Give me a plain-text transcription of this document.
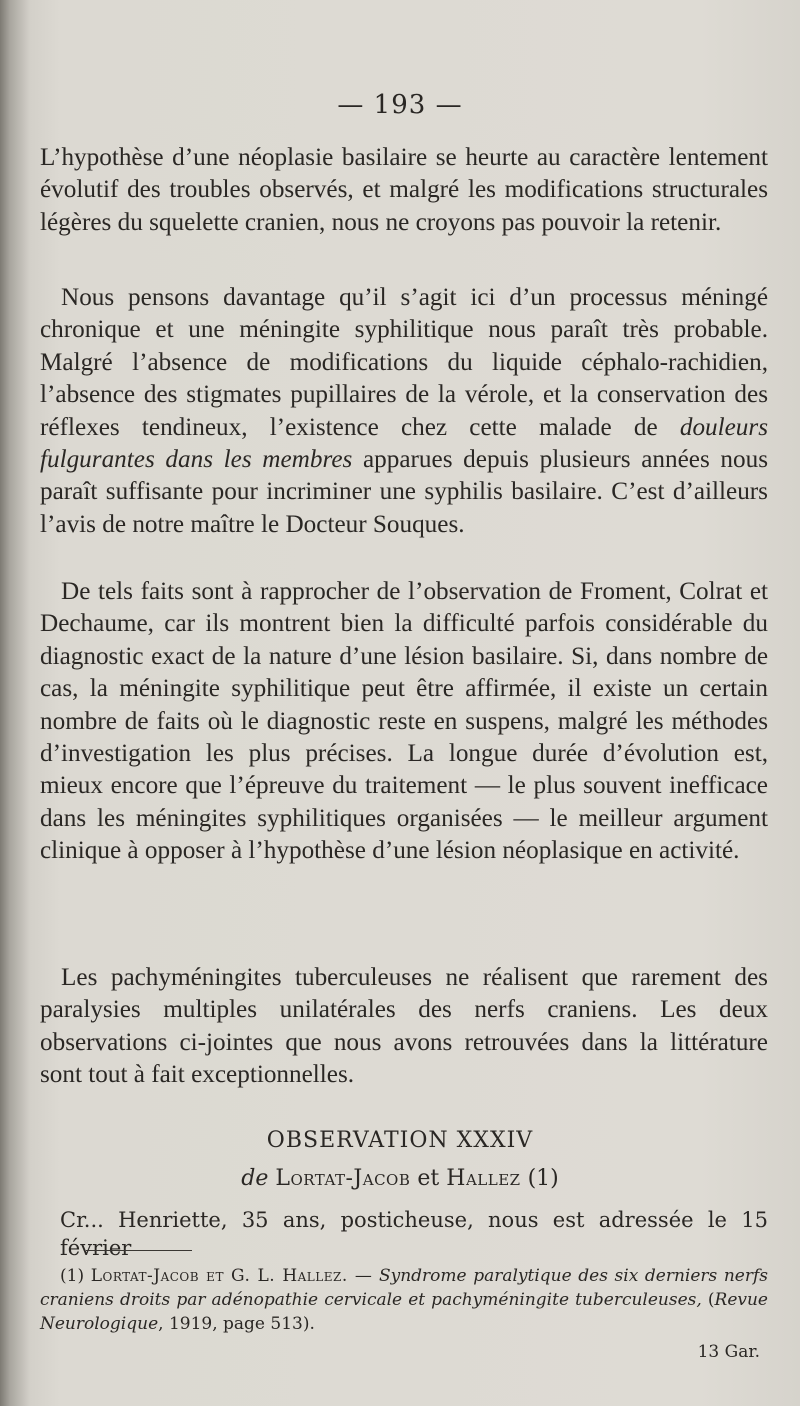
— 193 —

L’hypothèse d’une néoplasie basilaire se heurte au caractère lentement évolutif des troubles observés, et malgré les modifications structurales légères du squelette cranien, nous ne croyons pas pouvoir la retenir.

Nous pensons davantage qu’il s’agit ici d’un processus méningé chronique et une méningite syphilitique nous paraît très probable. Malgré l’absence de modifications du liquide céphalo-rachidien, l’absence des stigmates pupillaires de la vérole, et la conservation des réflexes tendineux, l’existence chez cette malade de douleurs fulgurantes dans les membres apparues depuis plusieurs années nous paraît suffisante pour incriminer une syphilis basilaire. C’est d’ailleurs l’avis de notre maître le Docteur Souques.

De tels faits sont à rapprocher de l’observation de Froment, Colrat et Dechaume, car ils montrent bien la difficulté parfois considérable du diagnostic exact de la nature d’une lésion basilaire. Si, dans nombre de cas, la méningite syphilitique peut être affirmée, il existe un certain nombre de faits où le diagnostic reste en suspens, malgré les méthodes d’investigation les plus précises. La longue durée d’évolution est, mieux encore que l’épreuve du traitement — le plus souvent inefficace dans les méningites syphilitiques organisées — le meilleur argument clinique à opposer à l’hypothèse d’une lésion néoplasique en activité.

Les pachyméningites tuberculeuses ne réalisent que rarement des paralysies multiples unilatérales des nerfs craniens. Les deux observations ci-jointes que nous avons retrouvées dans la littérature sont tout à fait exceptionnelles.

OBSERVATION XXXIV
de Lortat-Jacob et Hallez (1)
Cr... Henriette, 35 ans, posticheuse, nous est adressée le 15 février

(1) Lortat-Jacob et G. L. Hallez. — Syndrome paralytique des six derniers nerfs craniens droits par adénopathie cervicale et pachyméningite tuberculeuses, (Revue Neurologique, 1919, page 513).

13 Gar.
